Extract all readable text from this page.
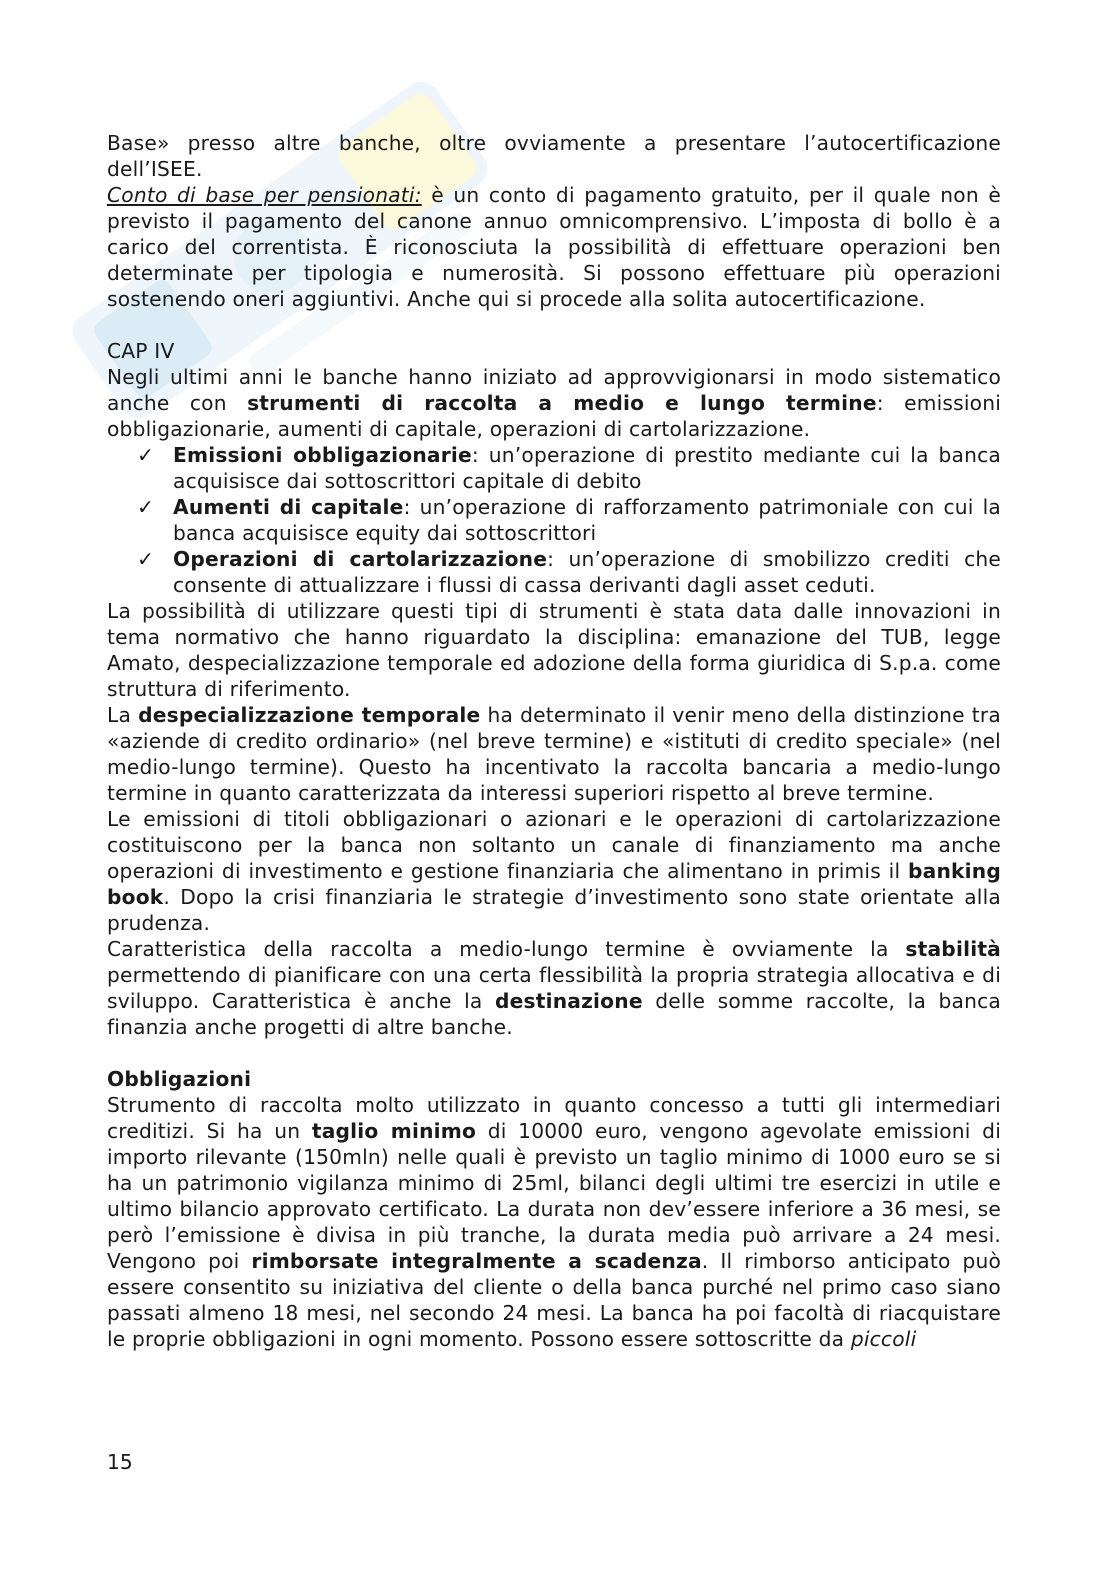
Base» presso altre banche, oltre ovviamente a presentare l’autocertificazione dell’ISEE.

Conto di base per pensionati: è un conto di pagamento gratuito, per il quale non è previsto il pagamento del canone annuo omnicomprensivo. L’imposta di bollo è a carico del correntista. È riconosciuta la possibilità di effettuare operazioni ben determinate per tipologia e numerosità. Si possono effettuare più operazioni sostenendo oneri aggiuntivi. Anche qui si procede alla solita autocertificazione.

CAP IV

Negli ultimi anni le banche hanno iniziato ad approvvigionarsi in modo sistematico anche con strumenti di raccolta a medio e lungo termine: emissioni obbligazionarie, aumenti di capitale, operazioni di cartolarizzazione.

✓ Emissioni obbligazionarie: un’operazione di prestito mediante cui la banca acquisisce dai sottoscrittori capitale di debito
✓ Aumenti di capitale: un’operazione di rafforzamento patrimoniale con cui la banca acquisisce equity dai sottoscrittori
✓ Operazioni di cartolarizzazione: un’operazione di smobilizzo crediti che consente di attualizzare i flussi di cassa derivanti dagli asset ceduti.

La possibilità di utilizzare questi tipi di strumenti è stata data dalle innovazioni in tema normativo che hanno riguardato la disciplina: emanazione del TUB, legge Amato, despecializzazione temporale ed adozione della forma giuridica di S.p.a. come struttura di riferimento.

La despecializzazione temporale ha determinato il venir meno della distinzione tra «aziende di credito ordinario» (nel breve termine) e «istituti di credito speciale» (nel medio-lungo termine). Questo ha incentivato la raccolta bancaria a medio-lungo termine in quanto caratterizzata da interessi superiori rispetto al breve termine.

Le emissioni di titoli obbligazionari o azionari e le operazioni di cartolarizzazione costituiscono per la banca non soltanto un canale di finanziamento ma anche operazioni di investimento e gestione finanziaria che alimentano in primis il banking book. Dopo la crisi finanziaria le strategie d’investimento sono state orientate alla prudenza.

Caratteristica della raccolta a medio-lungo termine è ovviamente la stabilità permettendo di pianificare con una certa flessibilità la propria strategia allocativa e di sviluppo. Caratteristica è anche la destinazione delle somme raccolte, la banca finanzia anche progetti di altre banche.

Obbligazioni

Strumento di raccolta molto utilizzato in quanto concesso a tutti gli intermediari creditizi. Si ha un taglio minimo di 10000 euro, vengono agevolate emissioni di importo rilevante (150mln) nelle quali è previsto un taglio minimo di 1000 euro se si ha un patrimonio vigilanza minimo di 25ml, bilanci degli ultimi tre esercizi in utile e ultimo bilancio approvato certificato. La durata non dev’essere inferiore a 36 mesi, se però l’emissione è divisa in più tranche, la durata media può arrivare a 24 mesi. Vengono poi rimborsate integralmente a scadenza. Il rimborso anticipato può essere consentito su iniziativa del cliente o della banca purché nel primo caso siano passati almeno 18 mesi, nel secondo 24 mesi. La banca ha poi facoltà di riacquistare le proprie obbligazioni in ogni momento. Possono essere sottoscritte da piccoli

15
